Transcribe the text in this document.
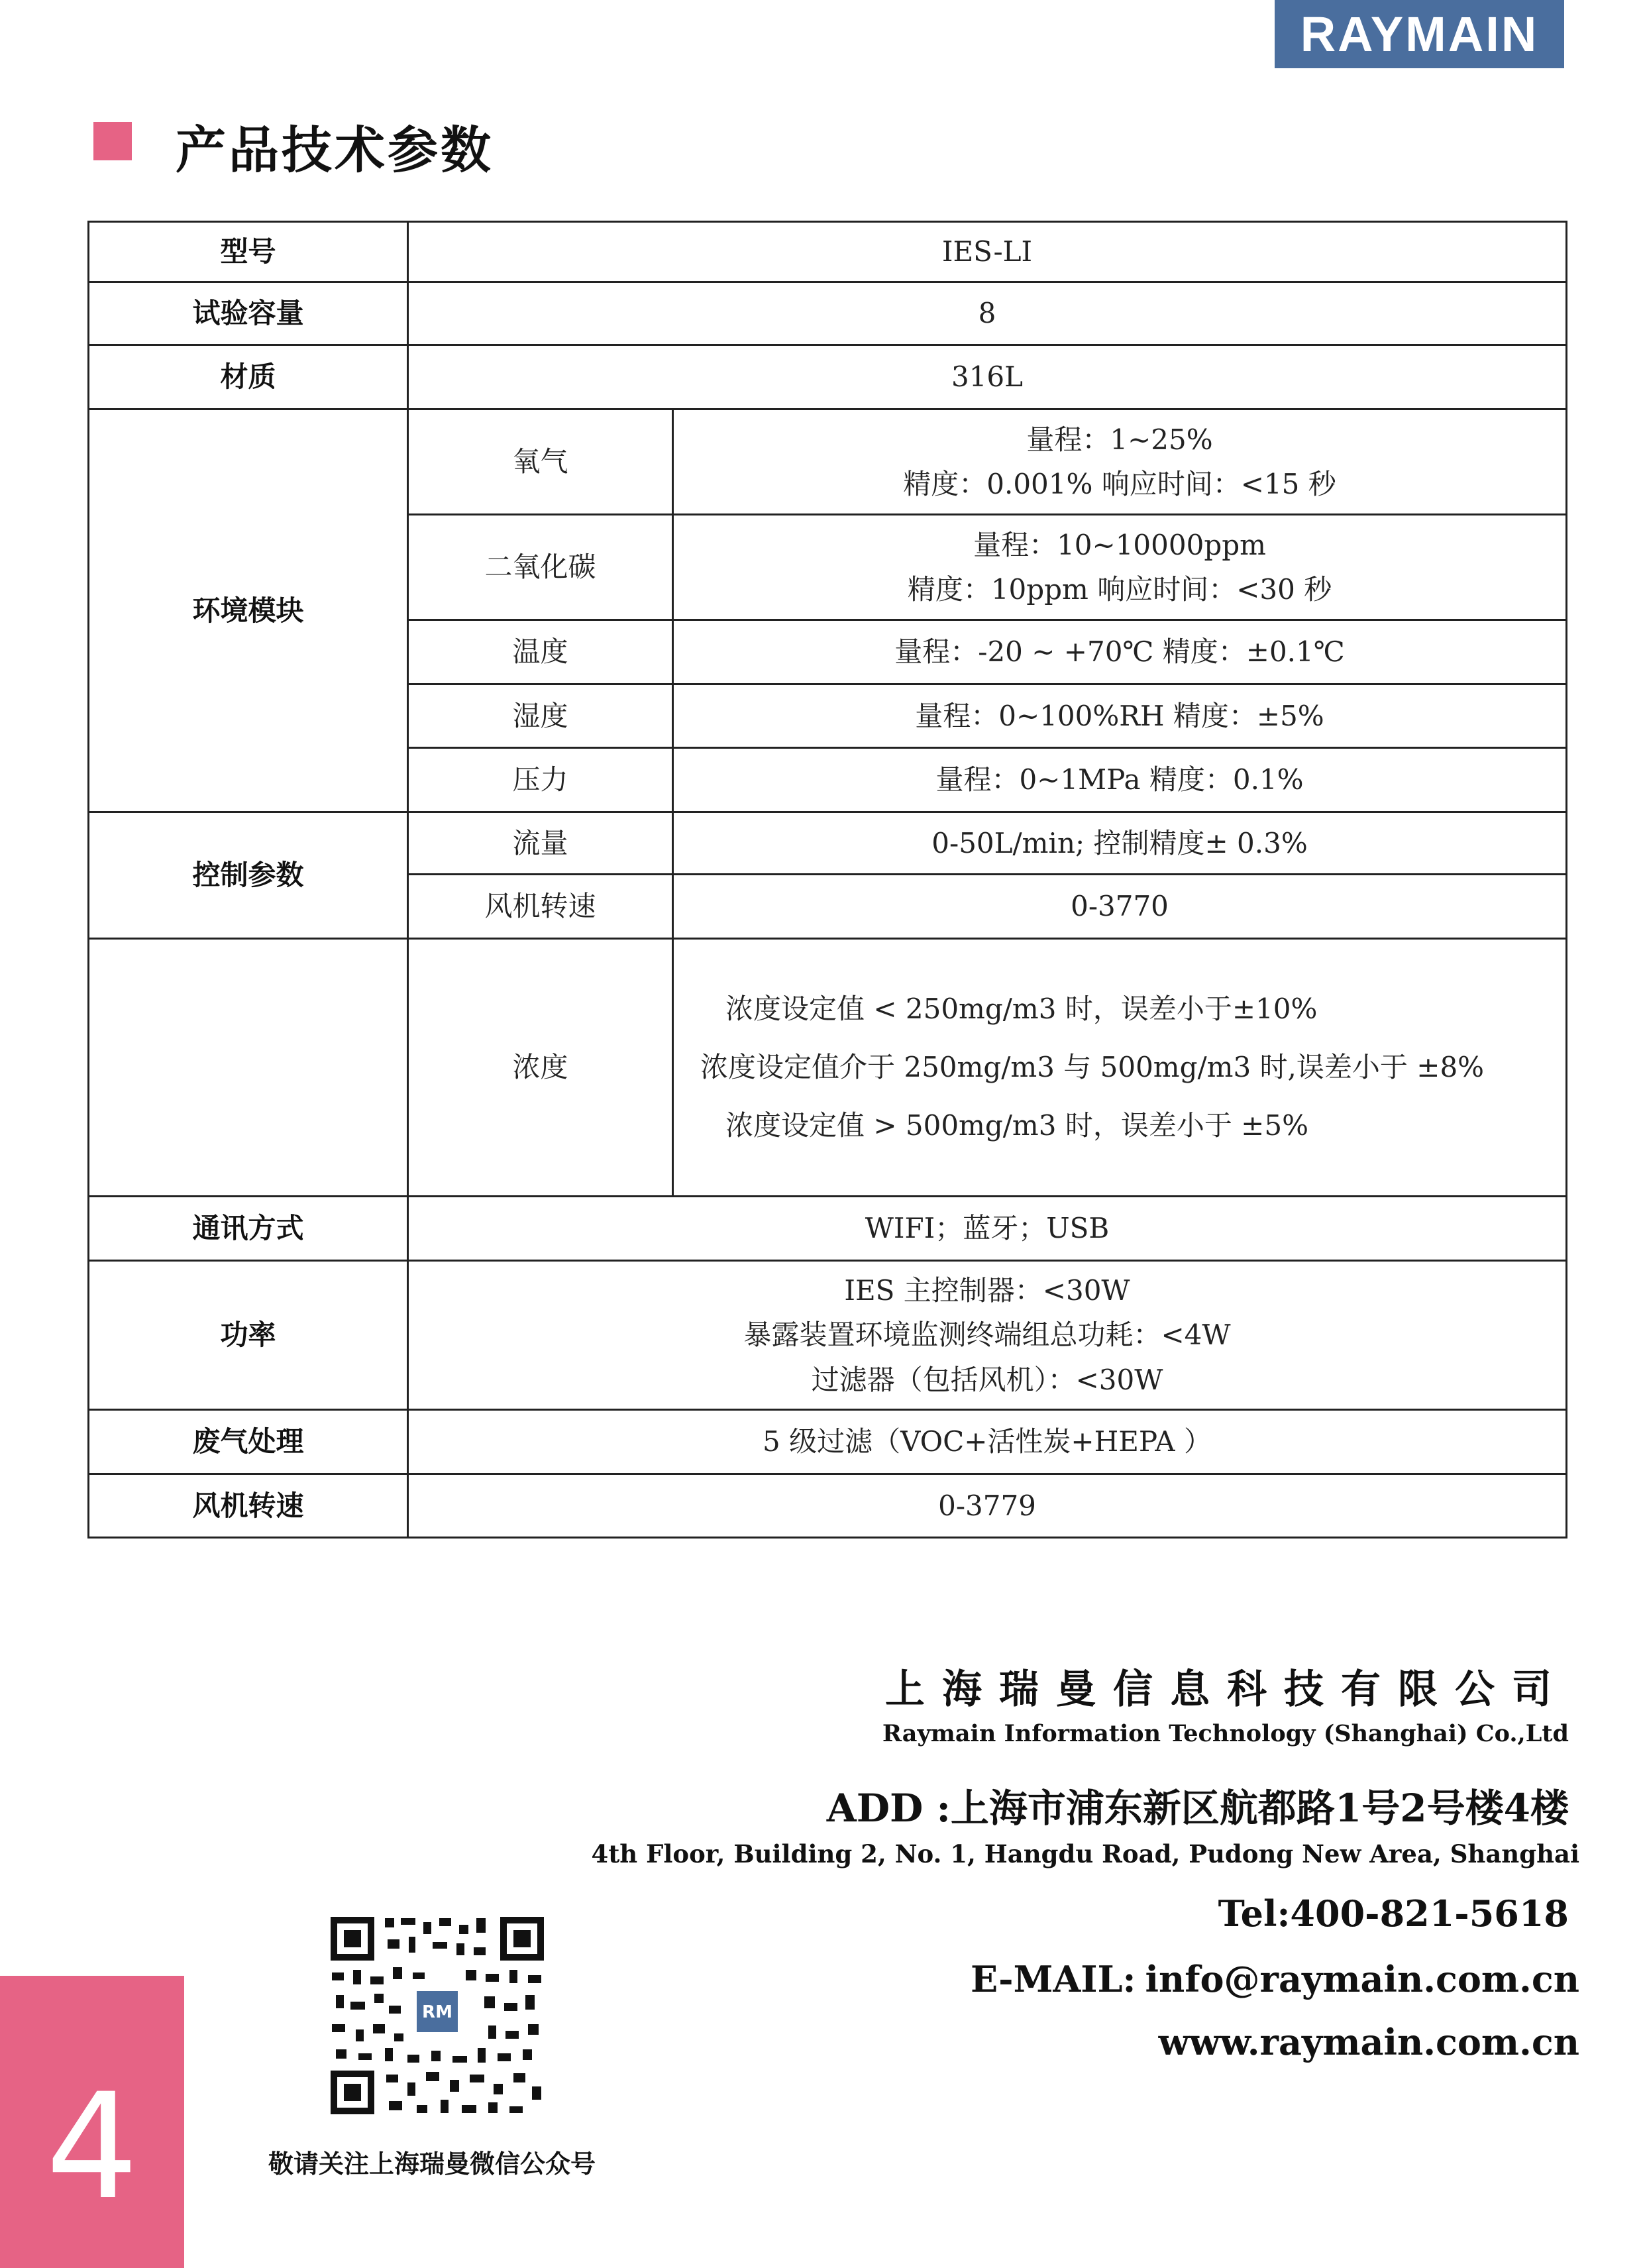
RAYMAIN
产品技术参数
型号	IES-LI	
试验容量	8	
材质	316L	
环境模块	氧气	量程：1~25%
精度：0.001% 响应时间：<15 秒

	二氧化碳	量程：10~10000ppm
精度：10ppm 响应时间：<30 秒

	温度	量程：-20 ~ +70℃ 精度：±0.1℃
	湿度	量程：0~100%RH 精度：±5%
	压力	量程：0~1MPa 精度：0.1%
控制参数	流量	0-50L/min; 控制精度± 0.3%
	风机转速	0-3770
	浓度	浓度设定值 < 250mg/m3 时，误差小于±10%
浓度设定值介于 250mg/m3 与 500mg/m3 时,误差小于 ±8%
浓度设定值 > 500mg/m3 时，误差小于 ±5%

通讯方式	WIFI；蓝牙；USB	
功率	IES 主控制器：<30W
暴露装置环境监测终端组总功耗：<4W
过滤器（包括风机）：<30W	

废气处理	5 级过滤（VOC+活性炭+HEPA ）	
风机转速	0-3779	
上海瑞曼信息科技有限公司
Raymain Information Technology (Shanghai) Co.,Ltd
ADD :上海市浦东新区航都路1号2号楼4楼
4th Floor, Building 2, No. 1, Hangdu Road, Pudong New Area, Shanghai
Tel:400-821-5618
E-MAIL: info@raymain.com.cn
www.raymain.com.cn
RM
敬请关注上海瑞曼微信公众号
4
